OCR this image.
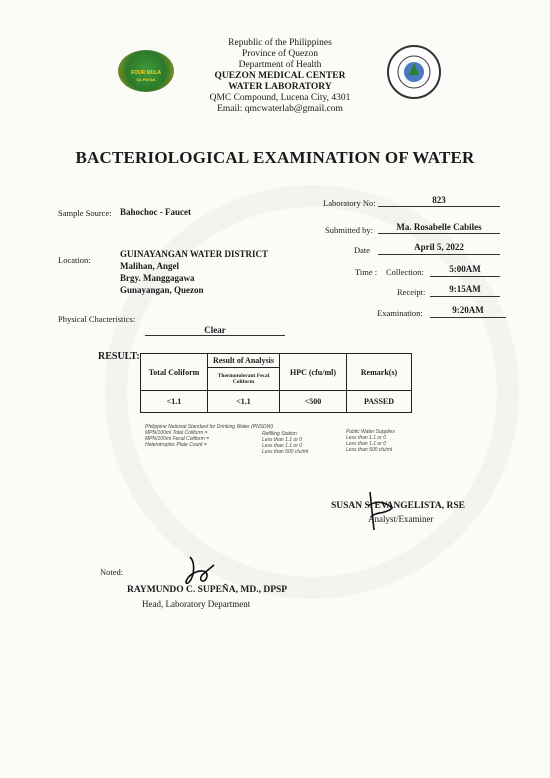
FOUR MULA
SA PAYAK
Republic of the Philippines
Province of Quezon
Department of Health
QUEZON MEDICAL CENTER
WATER LABORATORY
QMC Compound, Lucena City, 4301
Email: qmcwaterlab@gmail.com
BACTERIOLOGICAL EXAMINATION OF WATER
Sample Source: Bahochoc - Faucet
Laboratory No:	823
Submitted by:	Ma. Rosabelle Cabiles
Date	April 5, 2022
Location:
GUINAYANGAN WATER DISTRICT
Malihan, Angel
Brgy. Manggagawa
Gunayangan, Quezon
Time : Collection:	5:00AM
Receipt:	9:15AM
Examination:	9:20AM
Physical Chacteristics:
Clear
RESULT:
Total Coliform	Result of Analysis	HPC (cfu/ml)	Remark(s)
	Thermotolerant Fecal Coliform		
<1.1	<1.1	<500	PASSED
Philippine National Standard for Drinking Water (PNSDW)
MPN/100ml Total Coliform =
MPN/100ml Fecal Coliform =
Heterotrophic Plate Count =
Refilling Station
Less than 1.1 or 0
Less than 1.1 or 0
Less than 500 cfu/ml
Public Water Supplies
Less than 1.1 or 0
Less than 1.1 or 0
Less than 500 cfu/ml
SUSAN S. EVANGELISTA, RSE
Analyst/Examiner
Noted:
RAYMUNDO C. SUPEÑA, MD., DPSP
Head, Laboratory Department
